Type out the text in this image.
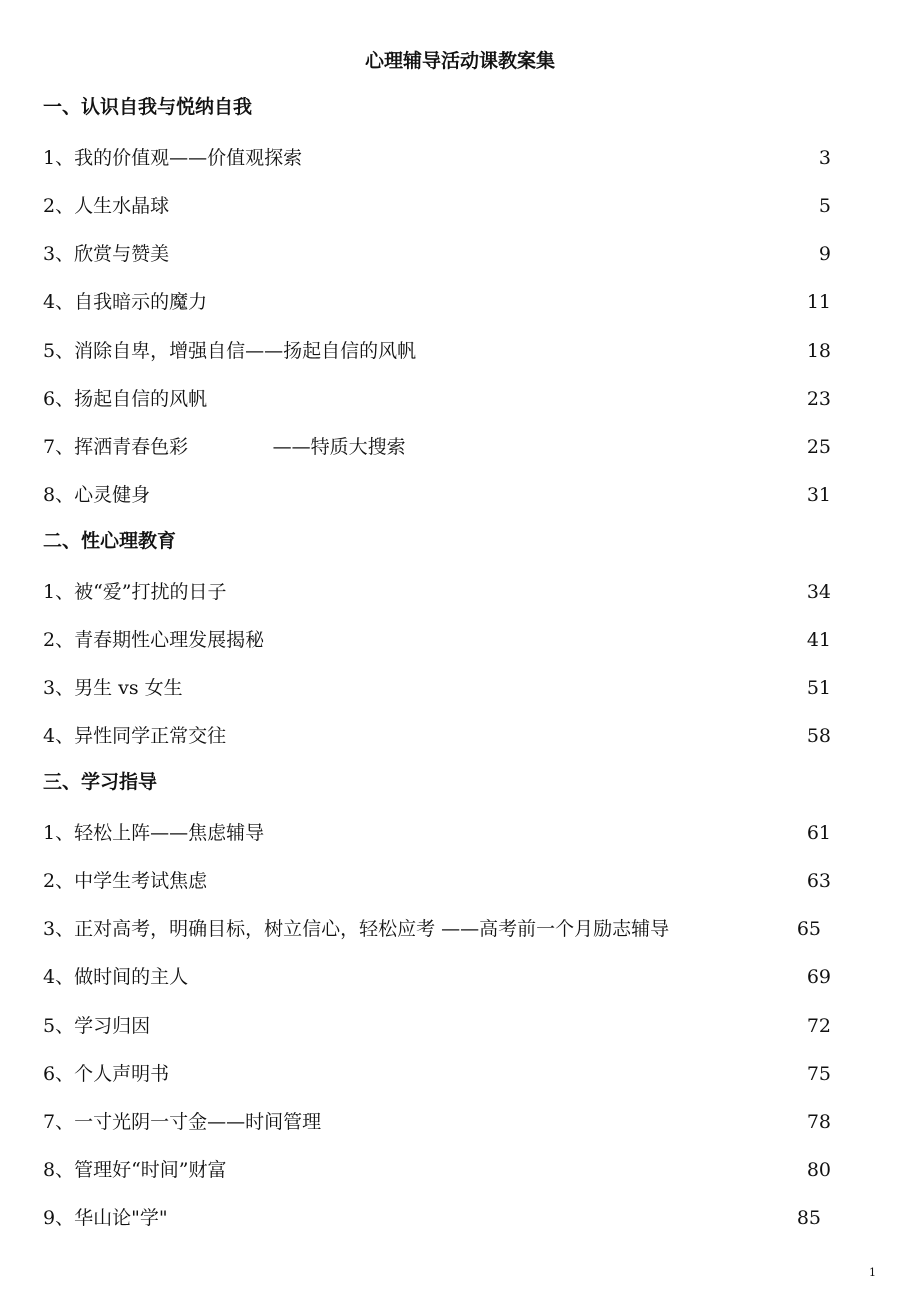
心理辅导活动课教案集
一、认识自我与悦纳自我
1、我的价值观——价值观探索	3
2、人生水晶球	5
3、欣赏与赞美	9
4、自我暗示的魔力	11
5、消除自卑，增强自信——扬起自信的风帆	18
6、扬起自信的风帆	23
7、挥洒青春色彩              ——特质大搜索	25
8、心灵健身	31
二、性心理教育
1、被“爱”打扰的日子	34
2、青春期性心理发展揭秘	41
3、男生 vs 女生	51
4、异性同学正常交往	58
三、学习指导
1、轻松上阵——焦虑辅导	61
2、中学生考试焦虑	63
3、正对高考，明确目标，树立信心，轻松应考 ——高考前一个月励志辅导	65
4、做时间的主人	69
5、学习归因	72
6、个人声明书	75
7、一寸光阴一寸金——时间管理	78
8、管理好“时间”财富	80
9、华山论"学"	85
1
